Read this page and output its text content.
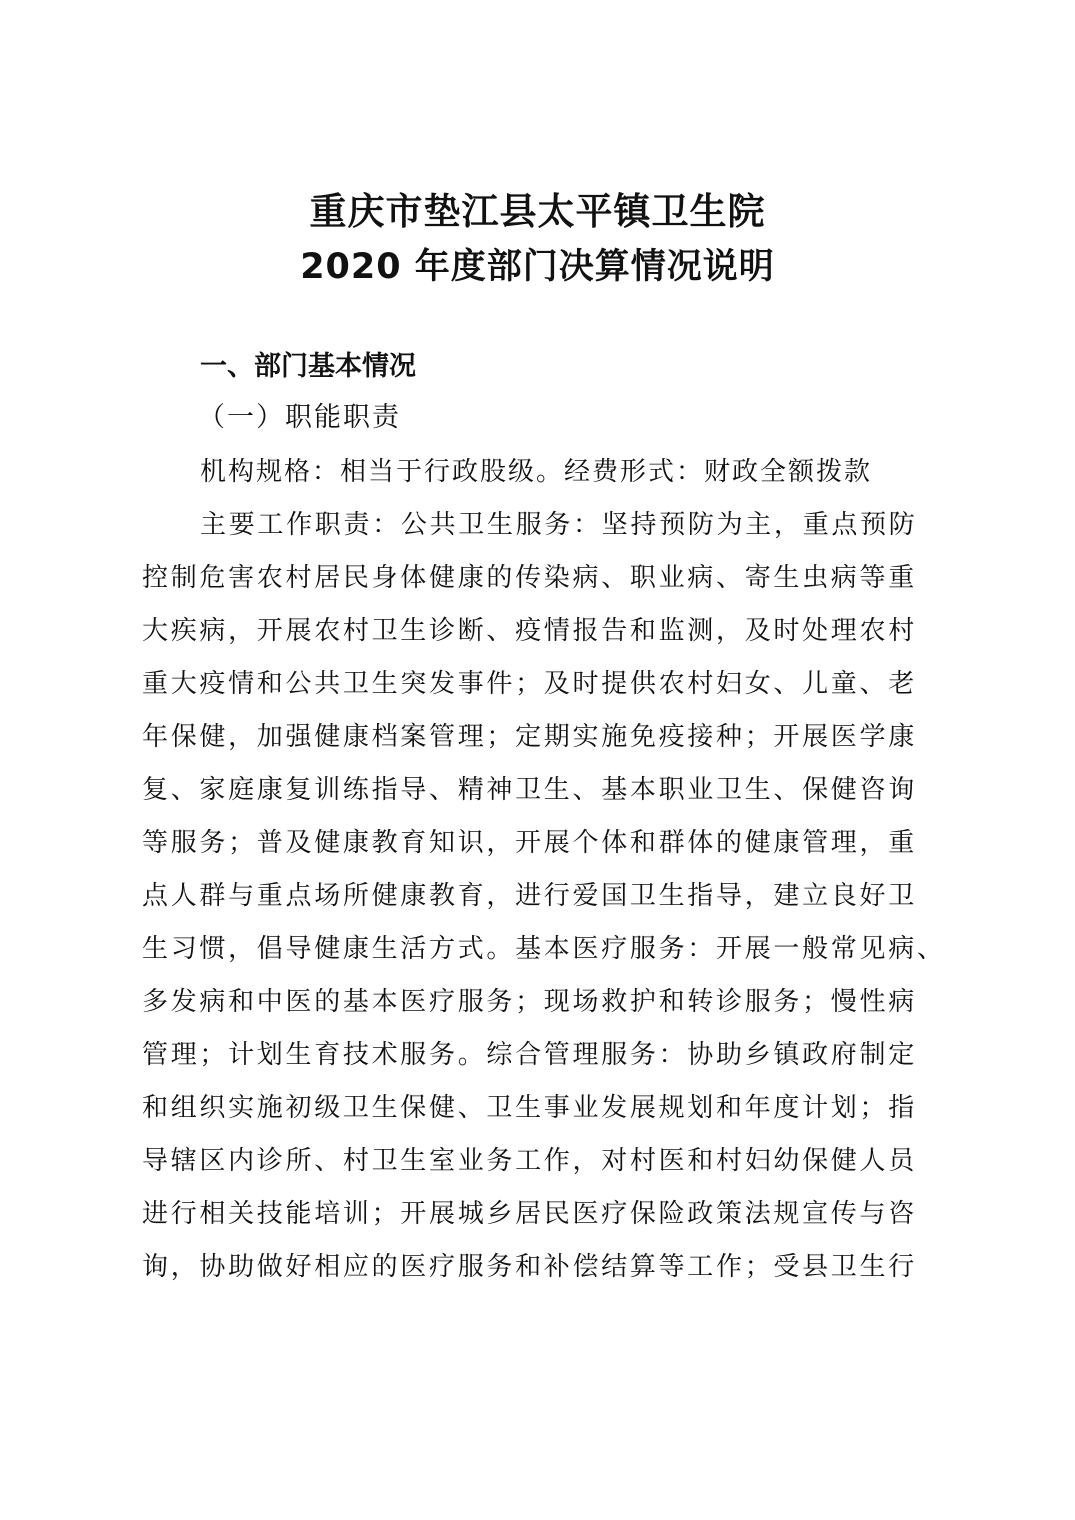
重庆市垫江县太平镇卫生院
2020 年度部门决算情况说明
一、部门基本情况
（一）职能职责
机构规格：相当于行政股级。经费形式：财政全额拨款
主要工作职责：公共卫生服务：坚持预防为主，重点预防
控制危害农村居民身体健康的传染病、职业病、寄生虫病等重
大疾病，开展农村卫生诊断、疫情报告和监测，及时处理农村
重大疫情和公共卫生突发事件；及时提供农村妇女、儿童、老
年保健，加强健康档案管理；定期实施免疫接种；开展医学康
复、家庭康复训练指导、精神卫生、基本职业卫生、保健咨询
等服务；普及健康教育知识，开展个体和群体的健康管理，重
点人群与重点场所健康教育，进行爱国卫生指导，建立良好卫
生习惯，倡导健康生活方式。基本医疗服务：开展一般常见病、
多发病和中医的基本医疗服务；现场救护和转诊服务；慢性病
管理；计划生育技术服务。综合管理服务：协助乡镇政府制定
和组织实施初级卫生保健、卫生事业发展规划和年度计划；指
导辖区内诊所、村卫生室业务工作，对村医和村妇幼保健人员
进行相关技能培训；开展城乡居民医疗保险政策法规宣传与咨
询，协助做好相应的医疗服务和补偿结算等工作；受县卫生行
